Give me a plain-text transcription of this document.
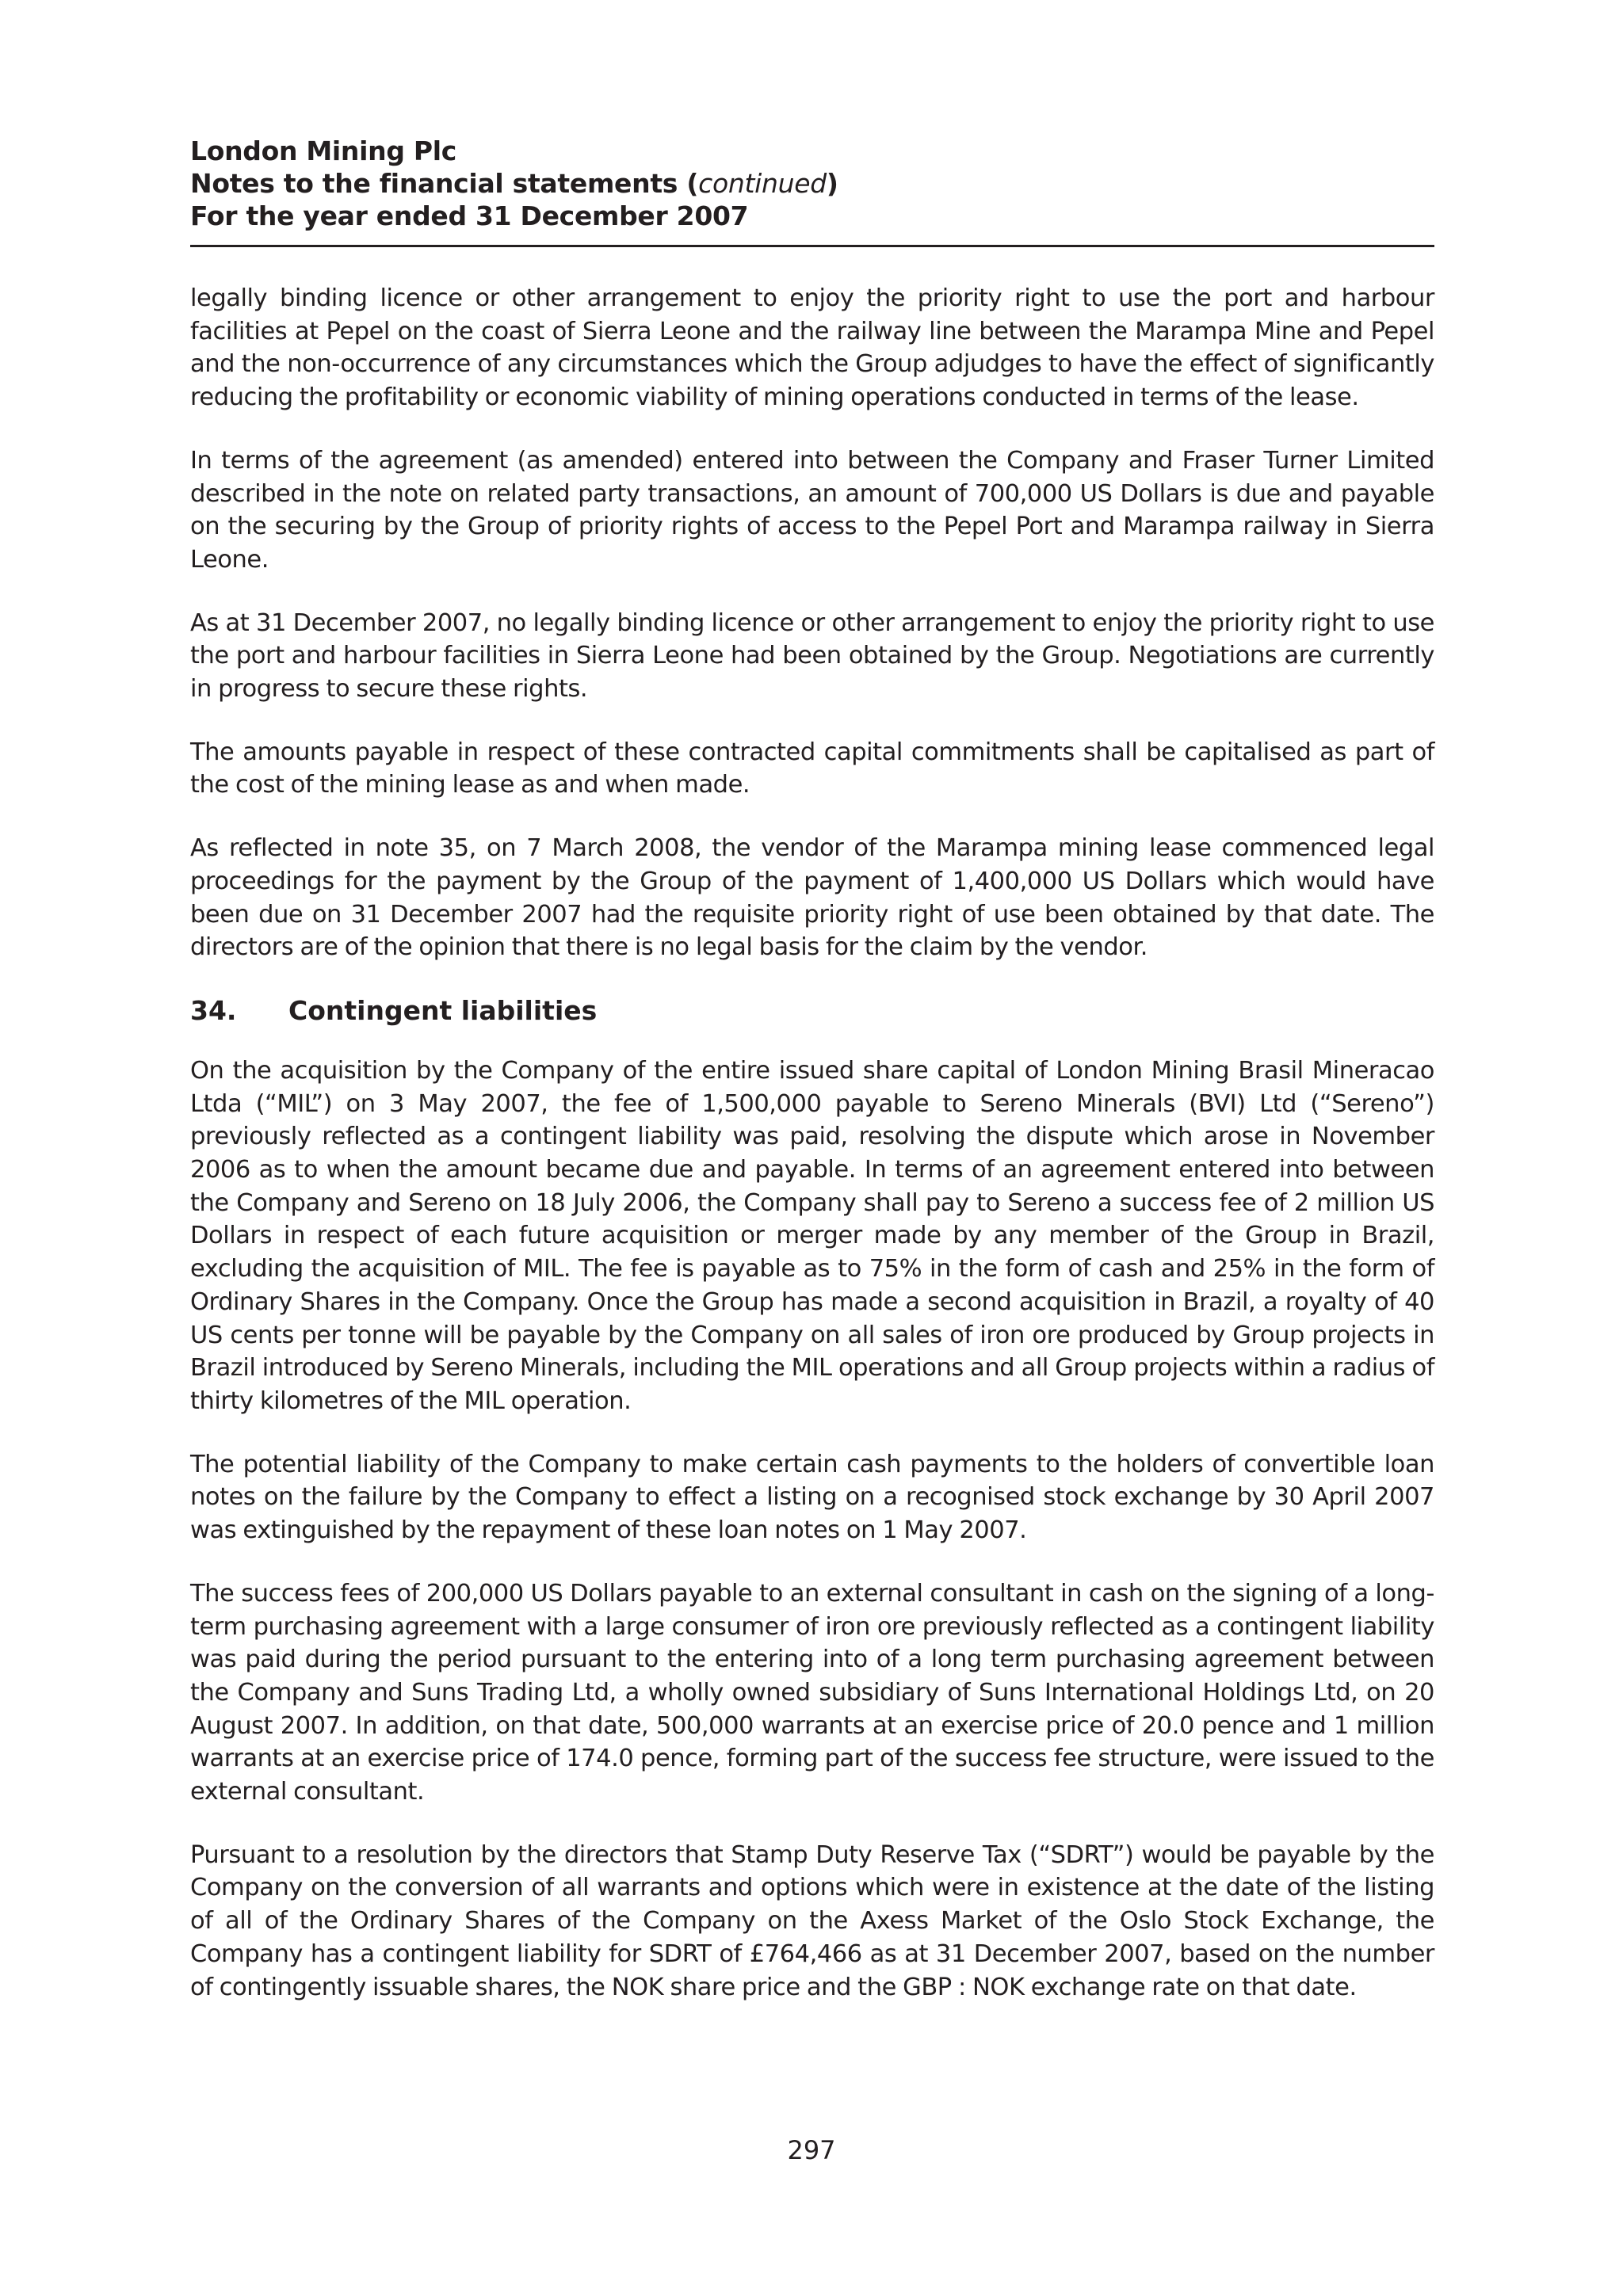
London Mining Plc
Notes to the financial statements (continued)
For the year ended 31 December 2007

legally binding licence or other arrangement to enjoy the priority right to use the port and harbour facilities at Pepel on the coast of Sierra Leone and the railway line between the Marampa Mine and Pepel and the non-occurrence of any circumstances which the Group adjudges to have the effect of significantly reducing the profitability or economic viability of mining operations conducted in terms of the lease.

In terms of the agreement (as amended) entered into between the Company and Fraser Turner Limited described in the note on related party transactions, an amount of 700,000 US Dollars is due and payable on the securing by the Group of priority rights of access to the Pepel Port and Marampa railway in Sierra Leone.

As at 31 December 2007, no legally binding licence or other arrangement to enjoy the priority right to use the port and harbour facilities in Sierra Leone had been obtained by the Group. Negotiations are currently in progress to secure these rights.

The amounts payable in respect of these contracted capital commitments shall be capitalised as part of the cost of the mining lease as and when made.

As reflected in note 35, on 7 March 2008, the vendor of the Marampa mining lease commenced legal proceedings for the payment by the Group of the payment of 1,400,000 US Dollars which would have been due on 31 December 2007 had the requisite priority right of use been obtained by that date. The directors are of the opinion that there is no legal basis for the claim by the vendor.

34.	Contingent liabilities

On the acquisition by the Company of the entire issued share capital of London Mining Brasil Mineracao Ltda (“MIL”) on 3 May 2007, the fee of 1,500,000 payable to Sereno Minerals (BVI) Ltd (“Sereno”) previously reflected as a contingent liability was paid, resolving the dispute which arose in November 2006 as to when the amount became due and payable. In terms of an agreement entered into between the Company and Sereno on 18 July 2006, the Company shall pay to Sereno a success fee of 2 million US Dollars in respect of each future acquisition or merger made by any member of the Group in Brazil, excluding the acquisition of MIL. The fee is payable as to 75% in the form of cash and 25% in the form of Ordinary Shares in the Company. Once the Group has made a second acquisition in Brazil, a royalty of 40 US cents per tonne will be payable by the Company on all sales of iron ore produced by Group projects in Brazil introduced by Sereno Minerals, including the MIL operations and all Group projects within a radius of thirty kilometres of the MIL operation.

The potential liability of the Company to make certain cash payments to the holders of convertible loan notes on the failure by the Company to effect a listing on a recognised stock exchange by 30 April 2007 was extinguished by the repayment of these loan notes on 1 May 2007.

The success fees of 200,000 US Dollars payable to an external consultant in cash on the signing of a long-term purchasing agreement with a large consumer of iron ore previously reflected as a contingent liability was paid during the period pursuant to the entering into of a long term purchasing agreement between the Company and Suns Trading Ltd, a wholly owned subsidiary of Suns International Holdings Ltd, on 20 August 2007. In addition, on that date, 500,000 warrants at an exercise price of 20.0 pence and 1 million warrants at an exercise price of 174.0 pence, forming part of the success fee structure, were issued to the external consultant.

Pursuant to a resolution by the directors that Stamp Duty Reserve Tax (“SDRT”) would be payable by the Company on the conversion of all warrants and options which were in existence at the date of the listing of all of the Ordinary Shares of the Company on the Axess Market of the Oslo Stock Exchange, the Company has a contingent liability for SDRT of £764,466 as at 31 December 2007, based on the number of contingently issuable shares, the NOK share price and the GBP : NOK exchange rate on that date.

297
